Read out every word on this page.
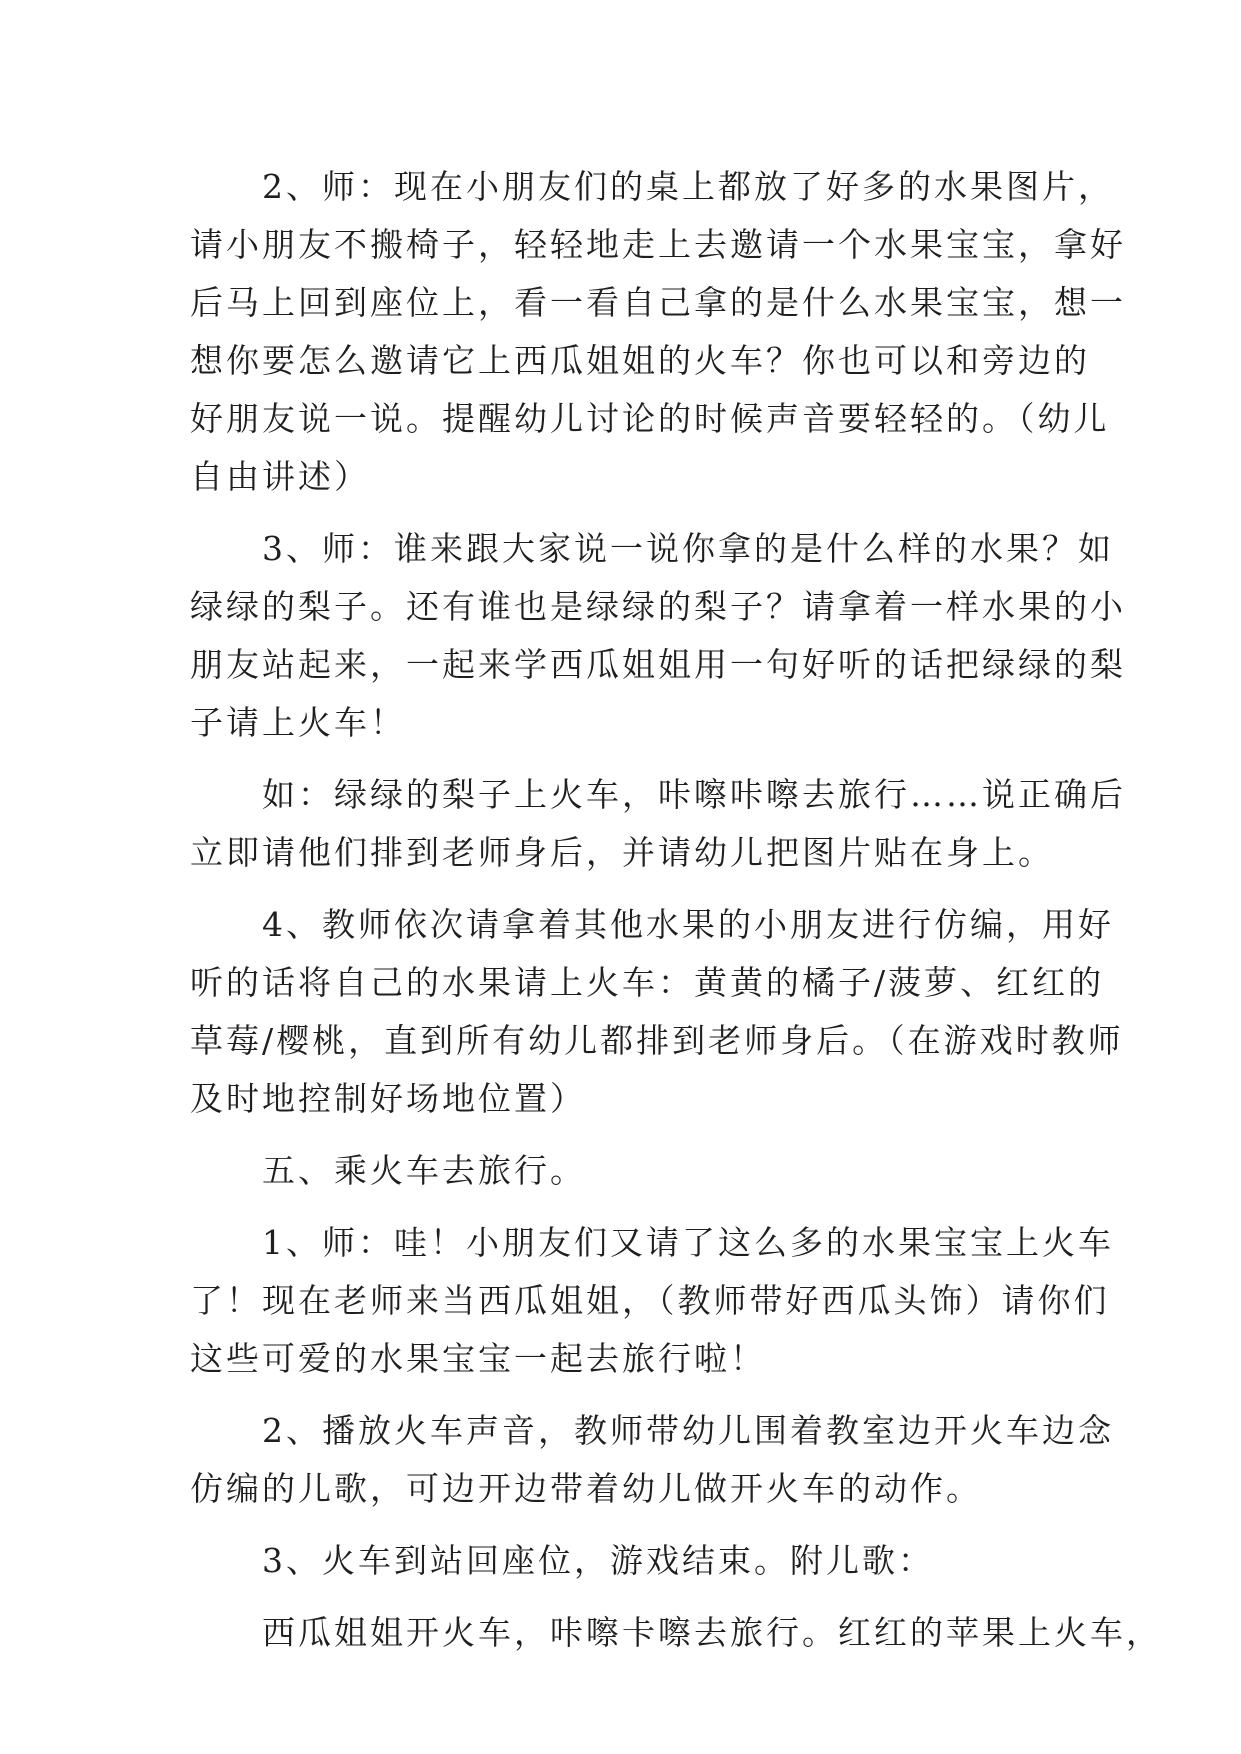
2、师：现在小朋友们的桌上都放了好多的水果图片，
请小朋友不搬椅子，轻轻地走上去邀请一个水果宝宝，拿好
后马上回到座位上，看一看自己拿的是什么水果宝宝，想一
想你要怎么邀请它上西瓜姐姐的火车？你也可以和旁边的
好朋友说一说。提醒幼儿讨论的时候声音要轻轻的。（幼儿
自由讲述）
3、师：谁来跟大家说一说你拿的是什么样的水果？如
绿绿的梨子。还有谁也是绿绿的梨子？请拿着一样水果的小
朋友站起来，一起来学西瓜姐姐用一句好听的话把绿绿的梨
子请上火车！
如：绿绿的梨子上火车，咔嚓咔嚓去旅行……说正确后
立即请他们排到老师身后，并请幼儿把图片贴在身上。
4、教师依次请拿着其他水果的小朋友进行仿编，用好
听的话将自己的水果请上火车：黄黄的橘子/菠萝、红红的
草莓/樱桃，直到所有幼儿都排到老师身后。（在游戏时教师
及时地控制好场地位置）
五、乘火车去旅行。
1、师：哇！小朋友们又请了这么多的水果宝宝上火车
了！现在老师来当西瓜姐姐，（教师带好西瓜头饰）请你们
这些可爱的水果宝宝一起去旅行啦！
2、播放火车声音，教师带幼儿围着教室边开火车边念
仿编的儿歌，可边开边带着幼儿做开火车的动作。
3、火车到站回座位，游戏结束。附儿歌：
西瓜姐姐开火车，咔嚓卡嚓去旅行。红红的苹果上火车，
